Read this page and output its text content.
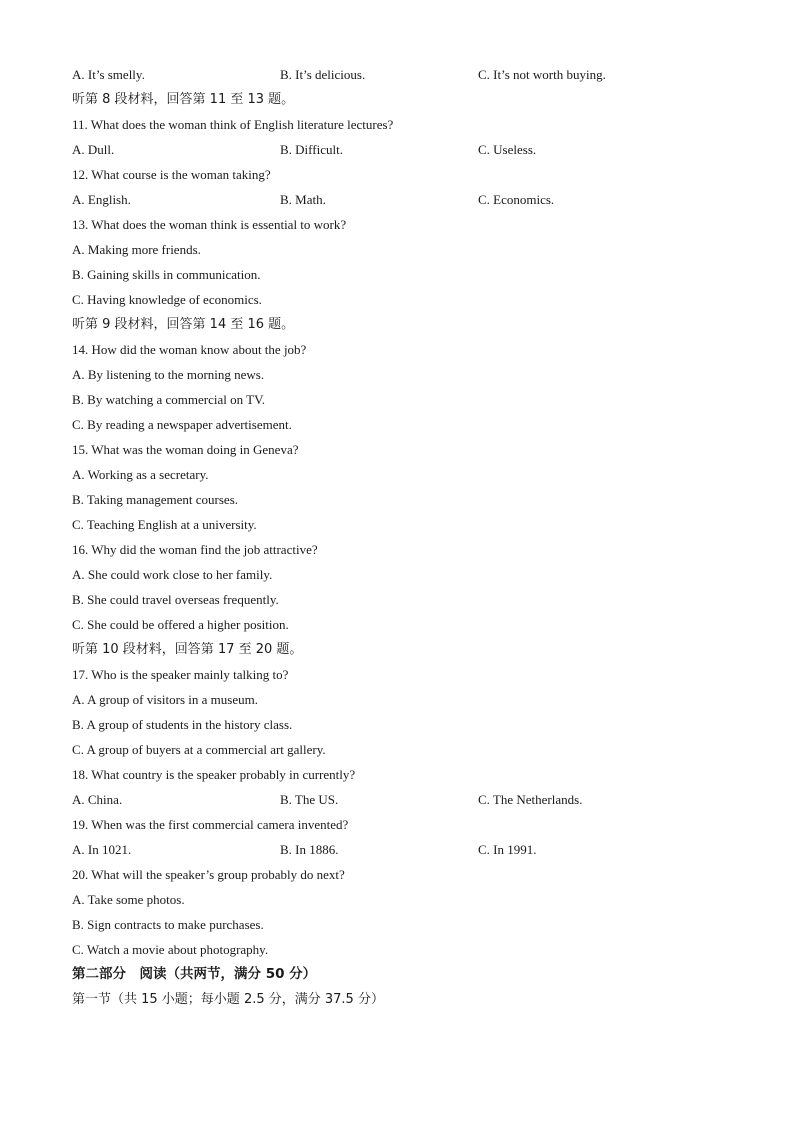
A. It’s smelly.	B. It’s delicious.	C. It’s not worth buying.
听第 8 段材料，回答第 11 至 13 题。
11. What does the woman think of English literature lectures?
A. Dull.	B. Difficult.	C. Useless.
12. What course is the woman taking?
A. English.	B. Math.	C. Economics.
13. What does the woman think is essential to work?
A. Making more friends.
B. Gaining skills in communication.
C. Having knowledge of economics.
听第 9 段材料，回答第 14 至 16 题。
14. How did the woman know about the job?
A. By listening to the morning news.
B. By watching a commercial on TV.
C. By reading a newspaper advertisement.
15. What was the woman doing in Geneva?
A. Working as a secretary.
B. Taking management courses.
C. Teaching English at a university.
16. Why did the woman find the job attractive?
A. She could work close to her family.
B. She could travel overseas frequently.
C. She could be offered a higher position.
听第 10 段材料，回答第 17 至 20 题。
17. Who is the speaker mainly talking to?
A. A group of visitors in a museum.
B. A group of students in the history class.
C. A group of buyers at a commercial art gallery.
18. What country is the speaker probably in currently?
A. China.	B. The US.	C. The Netherlands.
19. When was the first commercial camera invented?
A. In 1021.	B. In 1886.	C. In 1991.
20. What will the speaker’s group probably do next?
A. Take some photos.
B. Sign contracts to make purchases.
C. Watch a movie about photography.
第二部分　阅读（共两节，满分 50 分）
第一节（共 15 小题；每小题 2.5 分，满分 37.5 分）
